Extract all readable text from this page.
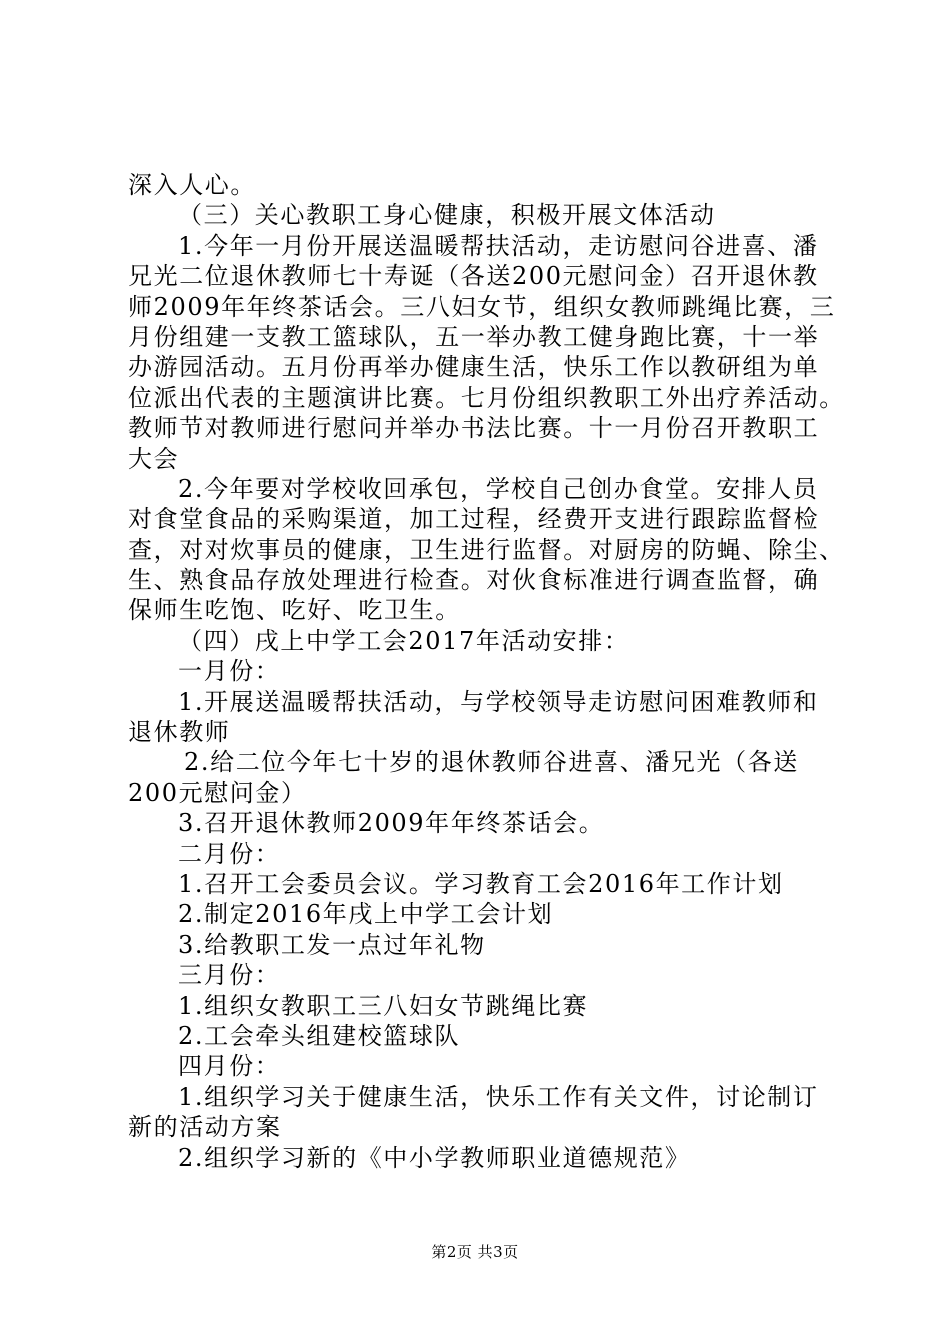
深入人心。
（三）关心教职工身心健康，积极开展文体活动
1.今年一月份开展送温暖帮扶活动，走访慰问谷进喜、潘
兄光二位退休教师七十寿诞（各送200元慰问金）召开退休教
师2009年年终茶话会。三八妇女节，组织女教师跳绳比赛，三
月份组建一支教工篮球队，五一举办教工健身跑比赛，十一举
办游园活动。五月份再举办健康生活，快乐工作以教研组为单
位派出代表的主题演讲比赛。七月份组织教职工外出疗养活动。
教师节对教师进行慰问并举办书法比赛。十一月份召开教职工
大会
2.今年要对学校收回承包，学校自己创办食堂。安排人员
对食堂食品的采购渠道，加工过程，经费开支进行跟踪监督检
查，对对炊事员的健康，卫生进行监督。对厨房的防蝇、除尘、
生、熟食品存放处理进行检查。对伙食标准进行调查监督，确
保师生吃饱、吃好、吃卫生。
（四）戌上中学工会2017年活动安排：
一月份：
1.开展送温暖帮扶活动，与学校领导走访慰问困难教师和
退休教师
2.给二位今年七十岁的退休教师谷进喜、潘兄光（各送
200元慰问金）
3.召开退休教师2009年年终茶话会。
二月份：
1.召开工会委员会议。学习教育工会2016年工作计划
2.制定2016年戌上中学工会计划
3.给教职工发一点过年礼物
三月份：
1.组织女教职工三八妇女节跳绳比赛
2.工会牵头组建校篮球队
四月份：
1.组织学习关于健康生活，快乐工作有关文件，讨论制订
新的活动方案
2.组织学习新的《中小学教师职业道德规范》
第2页 共3页
